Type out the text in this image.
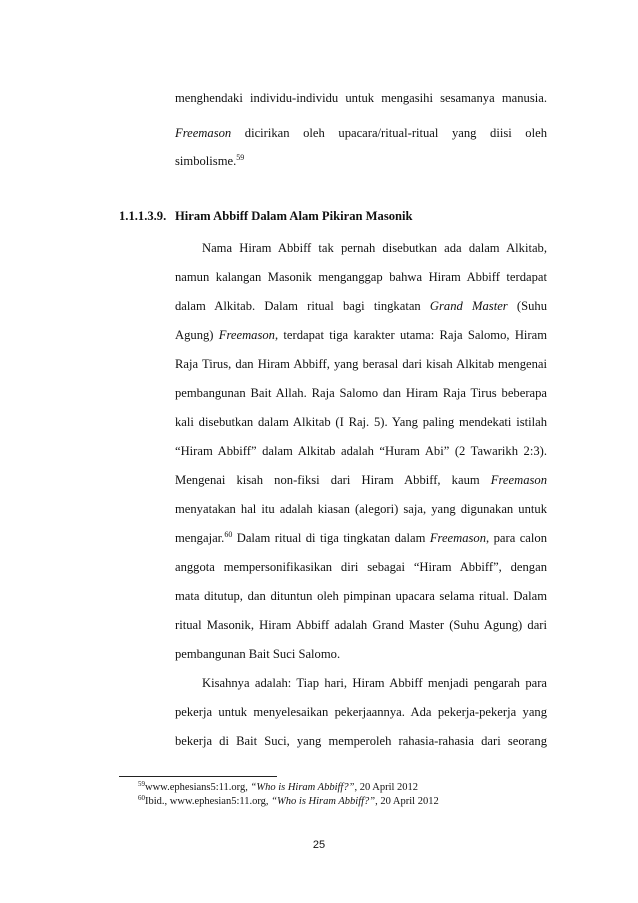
menghendaki individu-individu untuk mengasihi sesamanya manusia.
Freemason dicirikan oleh upacara/ritual-ritual yang diisi oleh
simbolisme.$^{59}$
1.1.1.3.9. Hiram Abbiff Dalam Alam Pikiran Masonik
Nama Hiram Abbiff tak pernah disebutkan ada dalam Alkitab,
namun kalangan Masonik menganggap bahwa Hiram Abbiff terdapat
dalam Alkitab. Dalam ritual bagi tingkatan Grand Master (Suhu
Agung) Freemason, terdapat tiga karakter utama: Raja Salomo, Hiram
Raja Tirus, dan Hiram Abbiff, yang berasal dari kisah Alkitab mengenai
pembangunan Bait Allah. Raja Salomo dan Hiram Raja Tirus beberapa
kali disebutkan dalam Alkitab (I Raj. 5). Yang paling mendekati istilah
“Hiram Abbiff” dalam Alkitab adalah “Huram Abi” (2 Tawarikh 2:3).
Mengenai kisah non-fiksi dari Hiram Abbiff, kaum Freemason
menyatakan hal itu adalah kiasan (alegori) saja, yang digunakan untuk
mengajar.$^{60}$ Dalam ritual di tiga tingkatan dalam Freemason, para calon
anggota mempersonifikasikan diri sebagai “Hiram Abbiff”, dengan
mata ditutup, dan dituntun oleh pimpinan upacara selama ritual. Dalam
ritual Masonik, Hiram Abbiff adalah Grand Master (Suhu Agung) dari
pembangunan Bait Suci Salomo.
Kisahnya adalah: Tiap hari, Hiram Abbiff menjadi pengarah para
pekerja untuk menyelesaikan pekerjaannya. Ada pekerja-pekerja yang
bekerja di Bait Suci, yang memperoleh rahasia-rahasia dari seorang
$^{59}$www.ephesians5:11.org, “Who is Hiram Abbiff?”, 20 April 2012
$^{60}$Ibid., www.ephesian5:11.org, “Who is Hiram Abbiff?”, 20 April 2012
25
